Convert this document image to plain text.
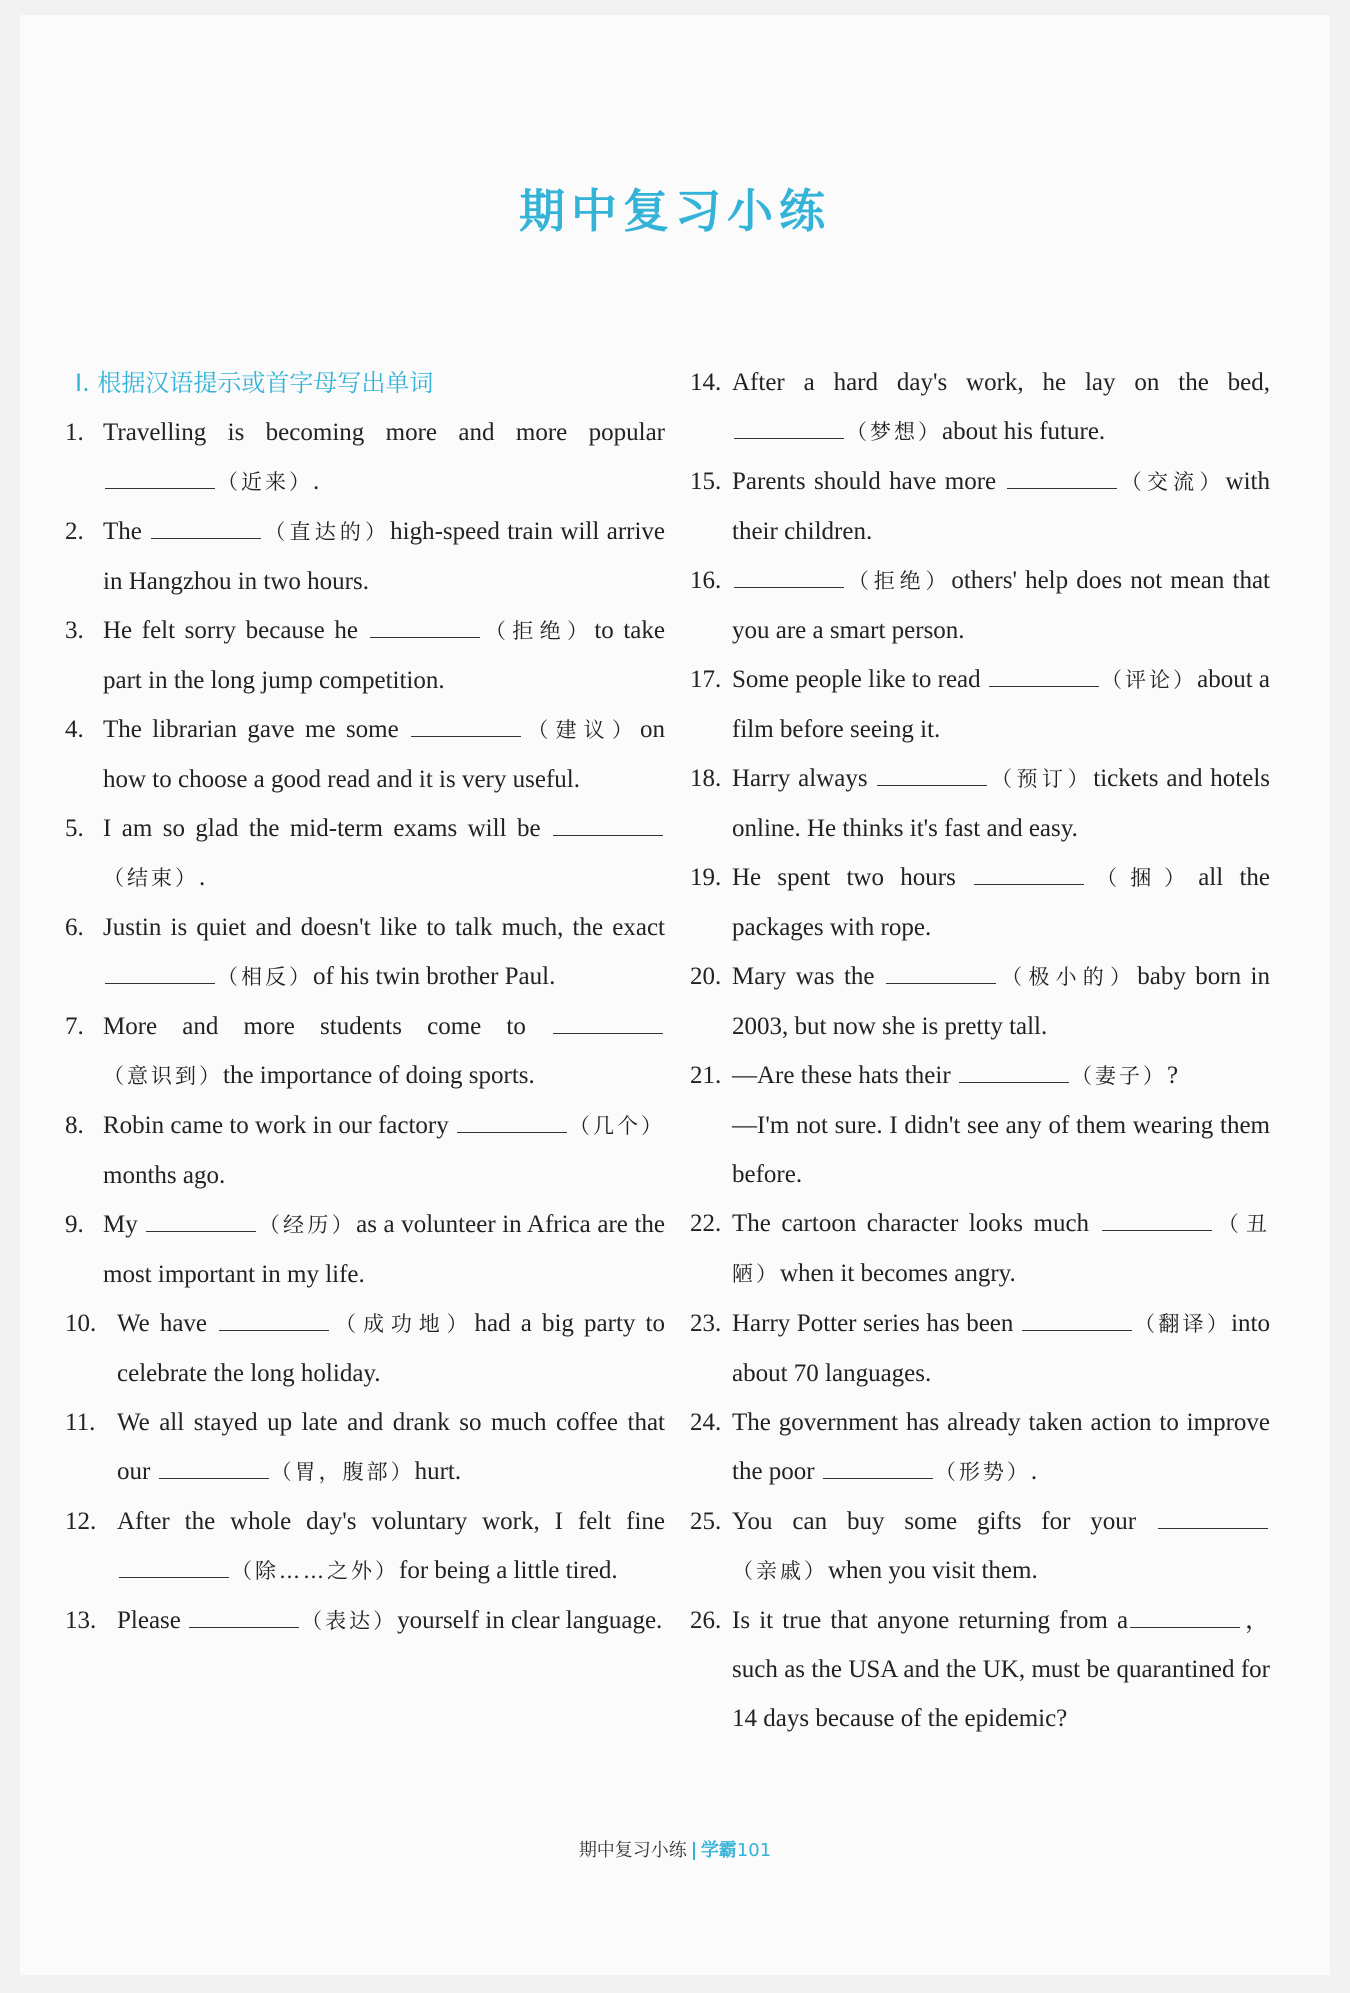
期中复习小练
Ⅰ. 根据汉语提示或首字母写出单词
1. Travelling is becoming more and more popular （近来）.
2. The	（直达的）high-speed train will arrive in Hangzhou in two hours.
3. He felt sorry because he	（拒绝）to take part in the long jump competition.
4. The librarian gave me some	（建议）on how to choose a good read and it is very useful.
5. I am so glad the mid-term exams will be （结束）.
6. Justin is quiet and doesn't like to talk much, the exact （相反）of his twin brother Paul.
7. More and more students come to （意识到）the importance of doing sports.
8. Robin came to work in our factory	（几个）months ago.
9. My	（经历）as a volunteer in Africa are the most important in my life.
10. We have	（成功地）had a big party to celebrate the long holiday.
11. We all stayed up late and drank so much coffee that our	（胃，腹部）hurt.
12. After the whole day's voluntary work, I felt fine （除……之外）for being a little tired.
13. Please	（表达）yourself in clear language.
14. After a hard day's work, he lay on the bed, （梦想）about his future.
15. Parents should have more	（交流）with their children.
16.	（拒绝）others' help does not mean that you are a smart person.
17. Some people like to read	（评论）about a film before seeing it.
18. Harry always	（预订）tickets and hotels online. He thinks it's fast and easy.
19. He spent two hours	（捆）all the packages with rope.
20. Mary was the	（极小的）baby born in 2003, but now she is pretty tall.
21. —Are these hats their	（妻子）?
—I'm not sure. I didn't see any of them wearing them before.
22. The cartoon character looks much	（丑陋）when it becomes angry.
23. Harry Potter series has been	（翻译）into about 70 languages.
24. The government has already taken action to improve the poor	（形势）.
25. You can buy some gifts for your （亲戚）when you visit them.
26. Is it true that anyone returning from a	，such as the USA and the UK, must be quarantined for 14 days because of the epidemic?
期中复习小练 学霸101
